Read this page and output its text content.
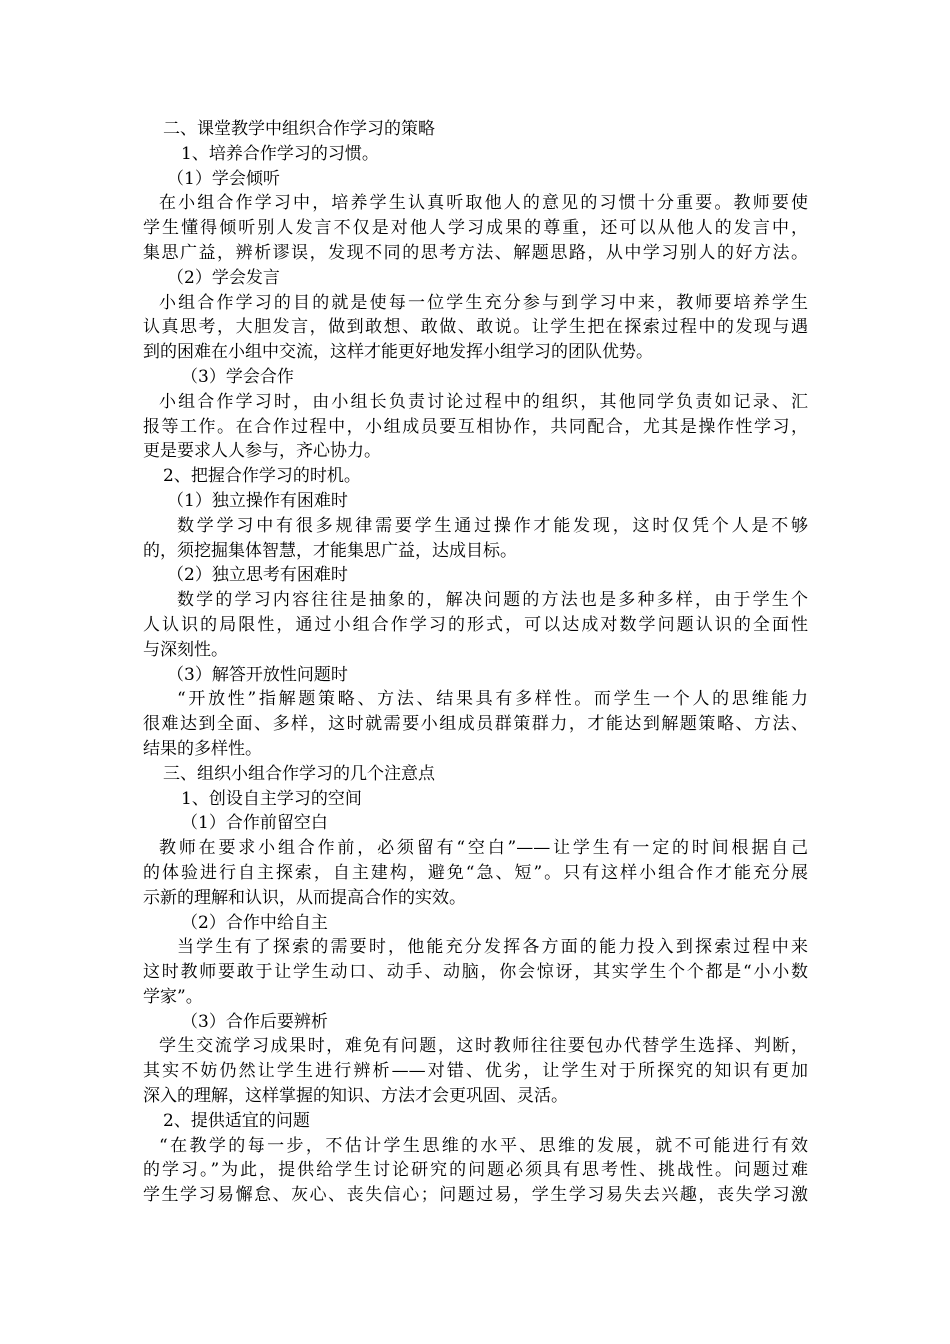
二、课堂教学中组织合作学习的策略
1、培养合作学习的习惯。
（1）学会倾听
在小组合作学习中，培养学生认真听取他人的意见的习惯十分重要。教师要使
学生懂得倾听别人发言不仅是对他人学习成果的尊重，还可以从他人的发言中，
集思广益，辨析谬误，发现不同的思考方法、解题思路，从中学习别人的好方法。
（2）学会发言
小组合作学习的目的就是使每一位学生充分参与到学习中来，教师要培养学生
认真思考，大胆发言，做到敢想、敢做、敢说。让学生把在探索过程中的发现与遇
到的困难在小组中交流，这样才能更好地发挥小组学习的团队优势。
（3）学会合作
小组合作学习时，由小组长负责讨论过程中的组织，其他同学负责如记录、汇
报等工作。在合作过程中，小组成员要互相协作，共同配合，尤其是操作性学习，
更是要求人人参与，齐心协力。
2、把握合作学习的时机。
（1）独立操作有困难时
数学学习中有很多规律需要学生通过操作才能发现，这时仅凭个人是不够
的，须挖掘集体智慧，才能集思广益，达成目标。
（2）独立思考有困难时
数学的学习内容往往是抽象的，解决问题的方法也是多种多样，由于学生个
人认识的局限性，通过小组合作学习的形式，可以达成对数学问题认识的全面性
与深刻性。
（3）解答开放性问题时
“开放性”指解题策略、方法、结果具有多样性。而学生一个人的思维能力
很难达到全面、多样，这时就需要小组成员群策群力，才能达到解题策略、方法、
结果的多样性。
三、组织小组合作学习的几个注意点
1、创设自主学习的空间
（1）合作前留空白
教师在要求小组合作前，必须留有“空白”——让学生有一定的时间根据自己
的体验进行自主探索，自主建构，避免“急、短”。只有这样小组合作才能充分展
示新的理解和认识，从而提高合作的实效。
（2）合作中给自主
当学生有了探索的需要时，他能充分发挥各方面的能力投入到探索过程中来
这时教师要敢于让学生动口、动手、动脑，你会惊讶，其实学生个个都是“小小数
学家”。
（3）合作后要辨析
学生交流学习成果时，难免有问题，这时教师往往要包办代替学生选择、判断，
其实不妨仍然让学生进行辨析——对错、优劣，让学生对于所探究的知识有更加
深入的理解，这样掌握的知识、方法才会更巩固、灵活。
2、提供适宜的问题
“在教学的每一步，不估计学生思维的水平、思维的发展，就不可能进行有效
的学习。”为此，提供给学生讨论研究的问题必须具有思考性、挑战性。问题过难
学生学习易懈怠、灰心、丧失信心；问题过易，学生学习易失去兴趣，丧失学习激
